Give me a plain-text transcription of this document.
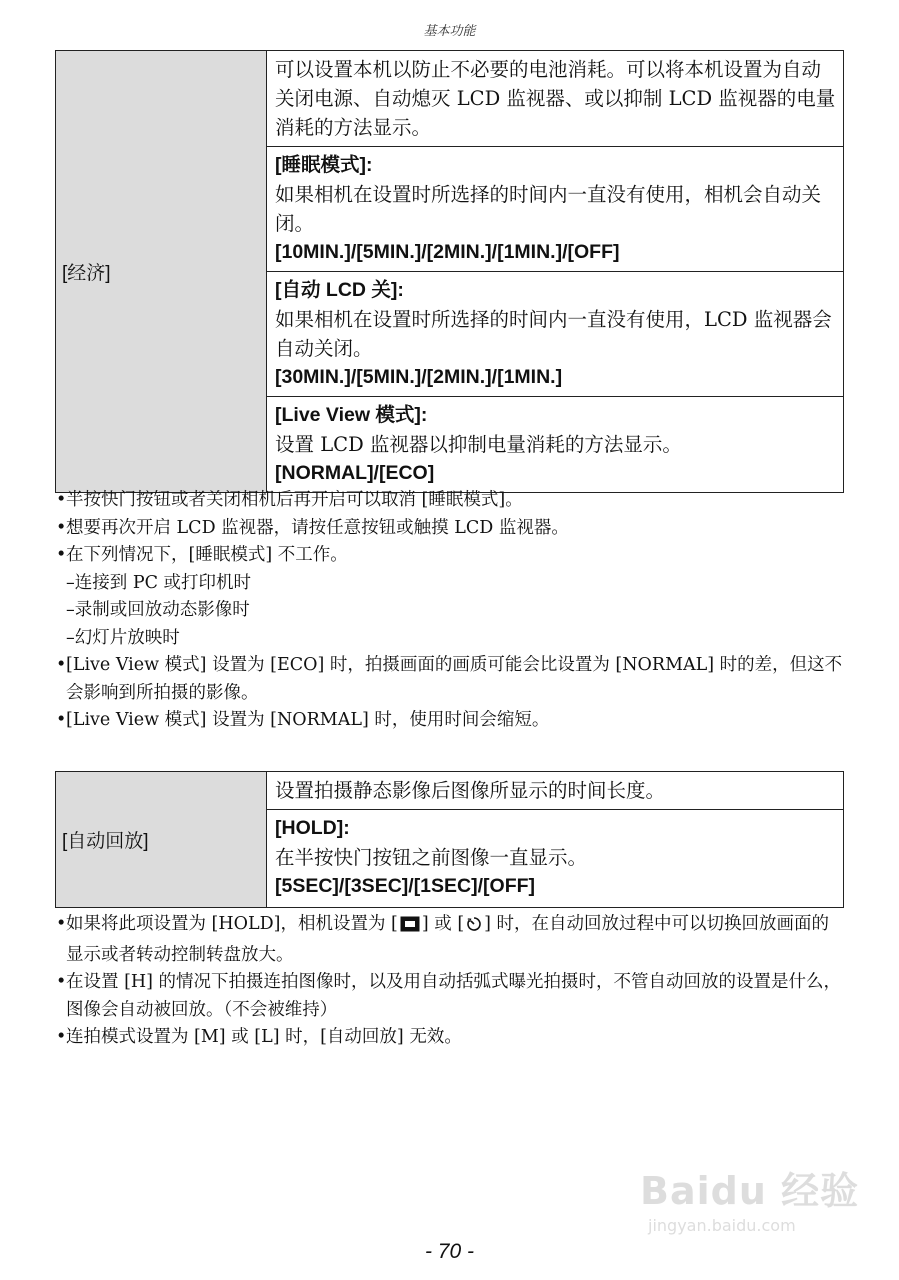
基本功能
[经济]	可以设置本机以防止不必要的电池消耗。可以将本机设置为自动关闭电源、自动熄灭 LCD 监视器、或以抑制 LCD 监视器的电量消耗的方法显示。

[睡眠模式]:
如果相机在设置时所选择的时间内一直没有使用，相机会自动关闭。
[10MIN.]/[5MIN.]/[2MIN.]/[1MIN.]/[OFF]

[自动 LCD 关]:
如果相机在设置时所选择的时间内一直没有使用，LCD 监视器会自动关闭。
[30MIN.]/[5MIN.]/[2MIN.]/[1MIN.]

[Live View 模式]:
设置 LCD 监视器以抑制电量消耗的方法显示。
[NORMAL]/[ECO]
• 半按快门按钮或者关闭相机后再开启可以取消 [睡眠模式]。
• 想要再次开启 LCD 监视器，请按任意按钮或触摸 LCD 监视器。
• 在下列情况下，[睡眠模式] 不工作。
– 连接到 PC 或打印机时
– 录制或回放动态影像时
– 幻灯片放映时
• [Live View 模式] 设置为 [ECO] 时，拍摄画面的画质可能会比设置为 [NORMAL] 时的差，但这不会影响到所拍摄的影像。
• [Live View 模式] 设置为 [NORMAL] 时，使用时间会缩短。
[自动回放]	设置拍摄静态影像后图像所显示的时间长度。

[HOLD]:
在半按快门按钮之前图像一直显示。
[5SEC]/[3SEC]/[1SEC]/[OFF]
• 如果将此项设置为 [HOLD]，相机设置为 [ ] 或 [ ] 时，在自动回放过程中可以切换回放画面的显示或者转动控制转盘放大。
• 在设置 [H] 的情况下拍摄连拍图像时，以及用自动括弧式曝光拍摄时，不管自动回放的设置是什么，图像会自动被回放。（不会被维持）
• 连拍模式设置为 [M] 或 [L] 时，[自动回放] 无效。
Baidu 经验
jingyan.baidu.com
- 70 -
